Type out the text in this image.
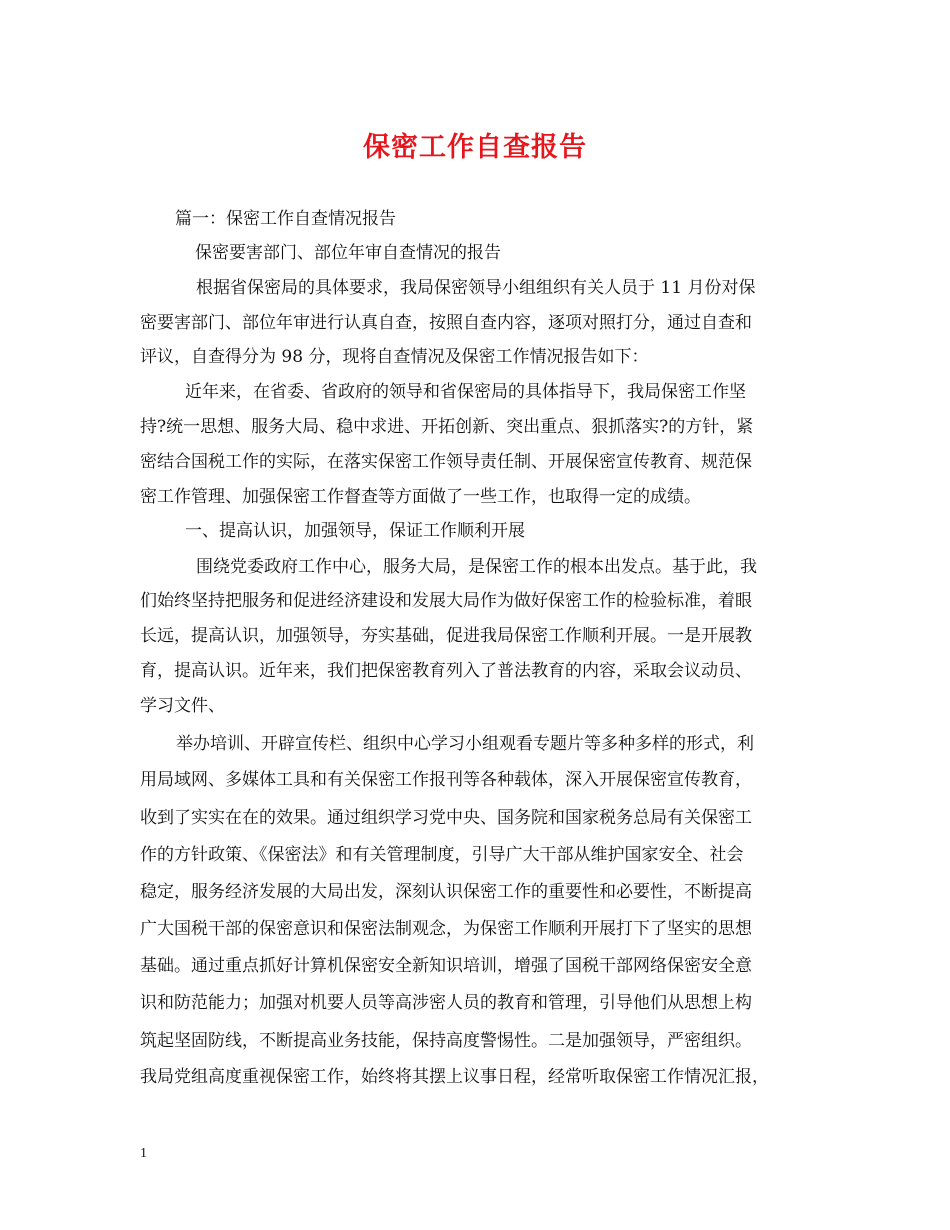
保密工作自查报告
篇一：保密工作自查情况报告
保密要害部门、部位年审自查情况的报告
根据省保密局的具体要求，我局保密领导小组组织有关人员于 11 月份对保
密要害部门、部位年审进行认真自查，按照自查内容，逐项对照打分，通过自查和
评议，自查得分为 98 分，现将自查情况及保密工作情况报告如下：
近年来，在省委、省政府的领导和省保密局的具体指导下，我局保密工作坚
持?统一思想、服务大局、稳中求进、开拓创新、突出重点、狠抓落实?的方针，紧
密结合国税工作的实际，在落实保密工作领导责任制、开展保密宣传教育、规范保
密工作管理、加强保密工作督查等方面做了一些工作，也取得一定的成绩。
一、提高认识，加强领导，保证工作顺利开展
围绕党委政府工作中心，服务大局，是保密工作的根本出发点。基于此，我
们始终坚持把服务和促进经济建设和发展大局作为做好保密工作的检验标准，着眼
长远，提高认识，加强领导，夯实基础，促进我局保密工作顺利开展。一是开展教
育，提高认识。近年来，我们把保密教育列入了普法教育的内容，采取会议动员、
学习文件、
举办培训、开辟宣传栏、组织中心学习小组观看专题片等多种多样的形式，利
用局域网、多媒体工具和有关保密工作报刊等各种载体，深入开展保密宣传教育，
收到了实实在在的效果。通过组织学习党中央、国务院和国家税务总局有关保密工
作的方针政策、《保密法》和有关管理制度，引导广大干部从维护国家安全、社会
稳定，服务经济发展的大局出发，深刻认识保密工作的重要性和必要性，不断提高
广大国税干部的保密意识和保密法制观念，为保密工作顺利开展打下了坚实的思想
基础。通过重点抓好计算机保密安全新知识培训，增强了国税干部网络保密安全意
识和防范能力；加强对机要人员等高涉密人员的教育和管理，引导他们从思想上构
筑起坚固防线，不断提高业务技能，保持高度警惕性。二是加强领导，严密组织。
我局党组高度重视保密工作，始终将其摆上议事日程，经常听取保密工作情况汇报，
1
